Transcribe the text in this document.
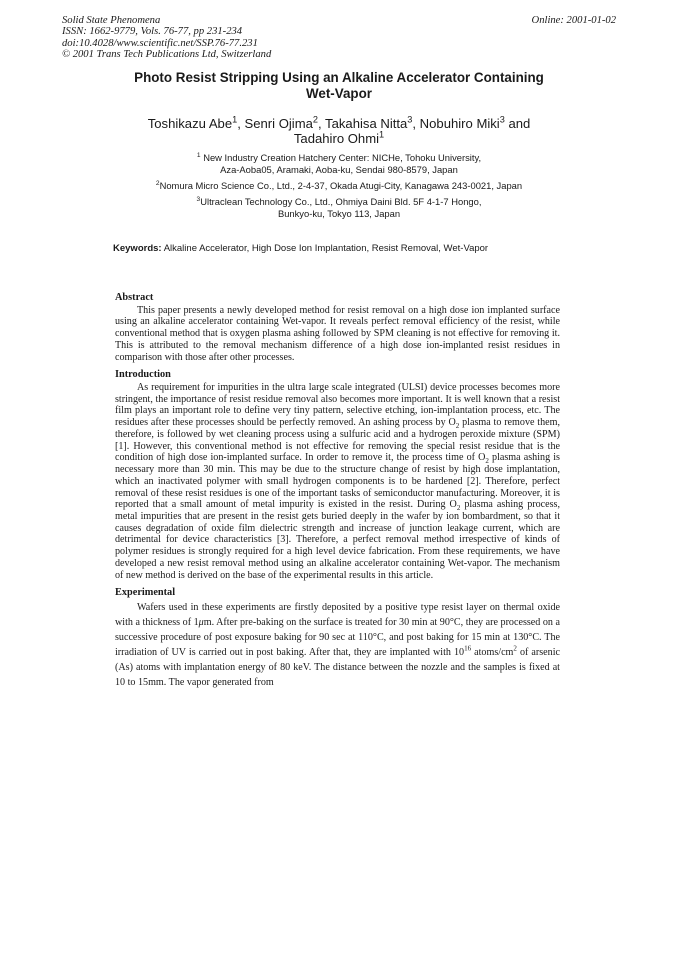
Solid State Phenomena
ISSN: 1662-9779, Vols. 76-77, pp 231-234
doi:10.4028/www.scientific.net/SSP.76-77.231
© 2001 Trans Tech Publications Ltd, Switzerland
Online: 2001-01-02
Photo Resist Stripping Using an Alkaline Accelerator Containing
Wet-Vapor
Toshikazu Abe$^1$, Senri Ojima$^2$, Takahisa Nitta$^3$, Nobuhiro Miki$^3$ and
Tadahiro Ohmi$^1$
$^1$ New Industry Creation Hatchery Center: NICHe, Tohoku University,
Aza-Aoba05, Aramaki, Aoba-ku, Sendai 980-8579, Japan
$^2$Nomura Micro Science Co., Ltd., 2-4-37, Okada Atugi-City, Kanagawa 243-0021, Japan
$^3$Ultraclean Technology Co., Ltd., Ohmiya Daini Bld. 5F 4-1-7 Hongo,
Bunkyo-ku, Tokyo 113, Japan
Keywords: Alkaline Accelerator, High Dose Ion Implantation, Resist Removal, Wet-Vapor
Abstract

This paper presents a newly developed method for resist removal on a high dose ion implanted surface using an alkaline accelerator containing Wet-vapor. It reveals perfect removal efficiency of the resist, while conventional method that is oxygen plasma ashing followed by SPM cleaning is not effective for removing it. This is attributed to the removal mechanism difference of a high dose ion-implanted resist residues in comparison with those after other processes.

Introduction

As requirement for impurities in the ultra large scale integrated (ULSI) device processes becomes more stringent, the importance of resist residue removal also becomes more important. It is well known that a resist film plays an important role to define very tiny pattern, selective etching, ion-implantation process, etc. The residues after these processes should be perfectly removed. An ashing process by $O_2$ plasma to remove them, therefore, is followed by wet cleaning process using a sulfuric acid and a hydrogen peroxide mixture (SPM) [1]. However, this conventional method is not effective for removing the special resist residue that is the condition of high dose ion-implanted surface. In order to remove it, the process time of $O_2$ plasma ashing is necessary more than 30 min. This may be due to the structure change of resist by high dose implantation, which an inactivated polymer with small hydrogen components is to be hardened [2]. Therefore, perfect removal of these resist residues is one of the important tasks of semiconductor manufacturing. Moreover, it is reported that a small amount of metal impurity is existed in the resist. During $O_2$ plasma ashing process, metal impurities that are present in the resist gets buried deeply in the wafer by ion bombardment, so that it causes degradation of oxide film dielectric strength and increase of junction leakage current, which are detrimental for device characteristics [3]. Therefore, a perfect removal method irrespective of kinds of polymer residues is strongly required for a high level device fabrication. From these requirements, we have developed a new resist removal method using an alkaline accelerator containing Wet-vapor. The mechanism of new method is derived on the base of the experimental results in this article.

Experimental

Wafers used in these experiments are firstly deposited by a positive type resist layer on thermal oxide with a thickness of 1μm. After pre-baking on the surface is treated for 30 min at 90°C, they are processed on a successive procedure of post exposure baking for 90 sec at 110°C, and post baking for 15 min at 130°C. The irradiation of UV is carried out in post baking. After that, they are implanted with $10^{16}$ atoms/$cm^2$ of arsenic (As) atoms with implantation energy of 80 keV. The distance between the nozzle and the samples is fixed at 10 to 15mm. The vapor generated from
